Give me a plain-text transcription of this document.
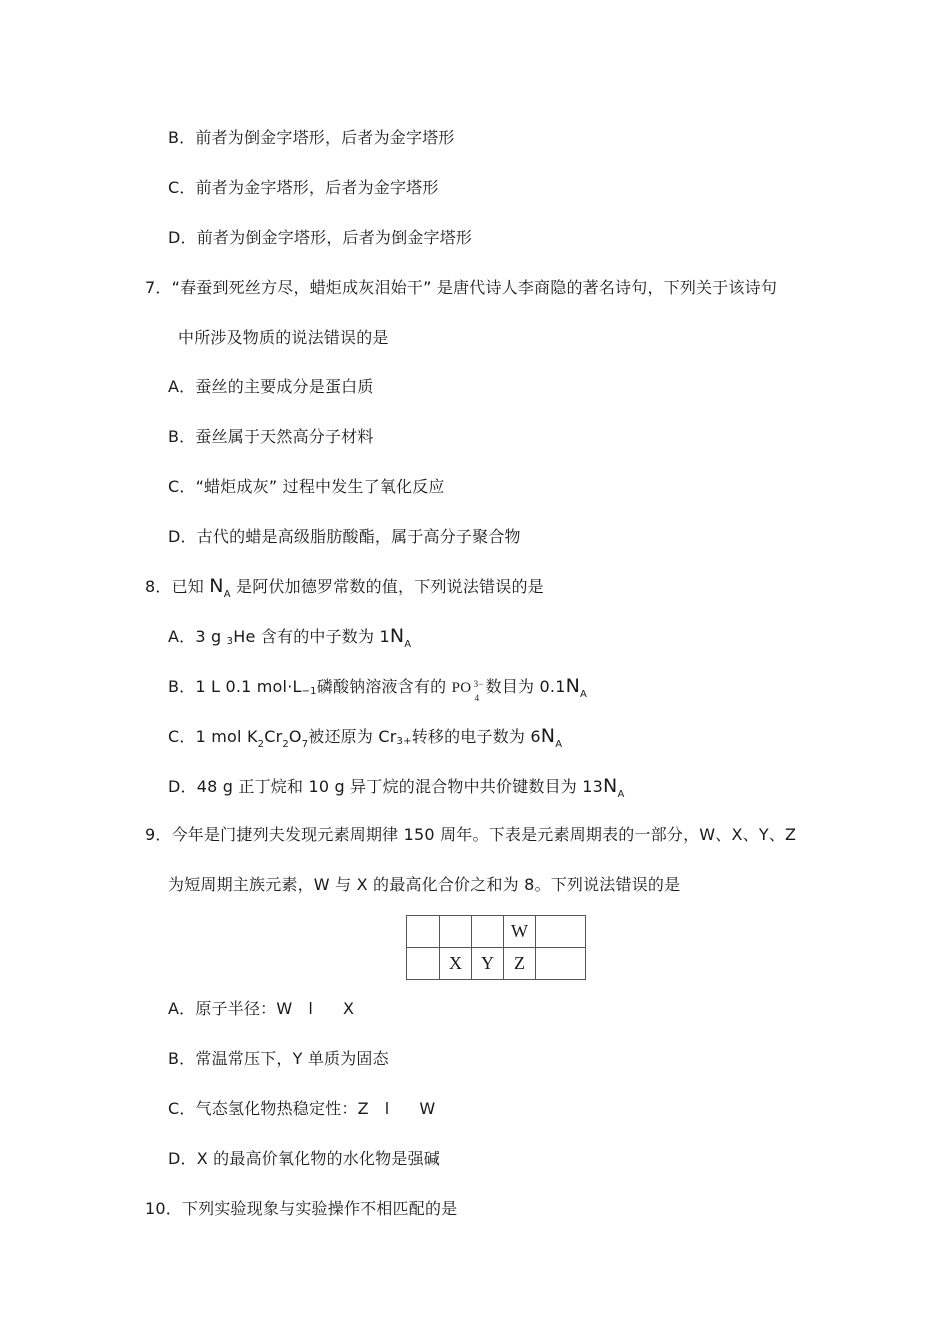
B．前者为倒金字塔形，后者为金字塔形
C．前者为金字塔形，后者为金字塔形
D．前者为倒金字塔形，后者为倒金字塔形
7．“春蚕到死丝方尽，蜡炬成灰泪始干” 是唐代诗人李商隐的著名诗句，下列关于该诗句
中所涉及物质的说法错误的是
A．蚕丝的主要成分是蛋白质
B．蚕丝属于天然高分子材料
C．“蜡炬成灰” 过程中发生了氧化反应
D．古代的蜡是高级脂肪酸酯，属于高分子聚合物
8．已知 $N_A$ 是阿伏加德罗常数的值，下列说法错误的是
A．3 g 3He 含有的中子数为 $1N_A$
B．1 L 0.1 mol·L−1磷酸钠溶液含有的 PO 3−
4
数目为 $0.1N_A$
C．1 mol $K_2Cr_2O_7$被还原为 Cr3+转移的电子数为 $6N_A$
D．48 g 正丁烷和 10 g 异丁烷的混合物中共价键数目为 $13N_A$
9．今年是门捷列夫发现元素周期律 150 周年。下表是元素周期表的一部分，W、X、Y、Z
为短周期主族元素，W 与 X 的最高化合价之和为 8。下列说法错误的是
			W	
	X	Y	Z	
A．原子半径：W l X
B．常温常压下，Y 单质为固态
C．气态氢化物热稳定性：Z l W
D．X 的最高价氧化物的水化物是强碱
10．下列实验现象与实验操作不相匹配的是
